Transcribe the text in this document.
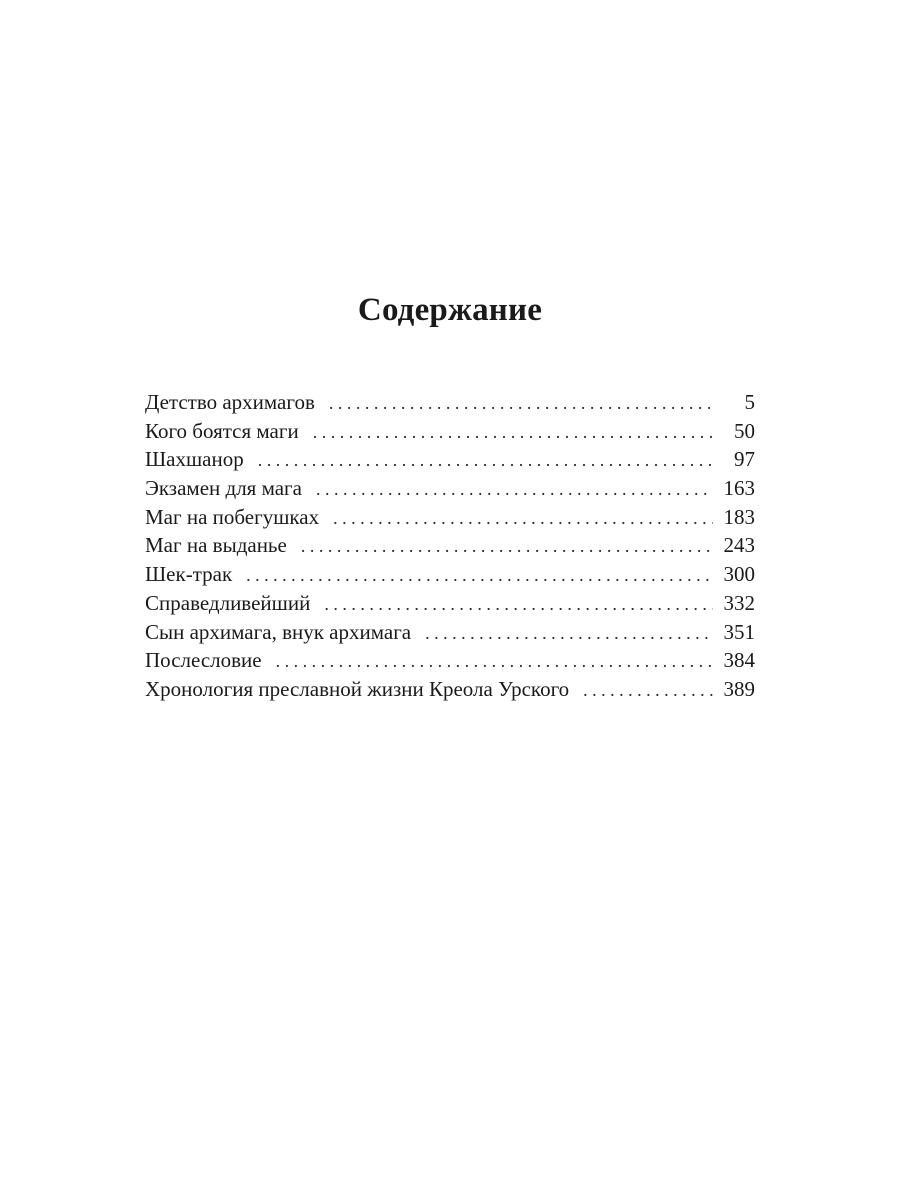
Содержание
Детство архимагов . . .	5
Кого боятся маги . . .	50
Шахшанор . . .	97
Экзамен для мага . . .	163
Маг на побегушках . . .	183
Маг на выданье . . .	243
Шек-трак . . .	300
Справедливейший . . .	332
Сын архимага, внук архимага . . .	351
Послесловие . . .	384
Хронология преславной жизни Креола Урского . . .	389
